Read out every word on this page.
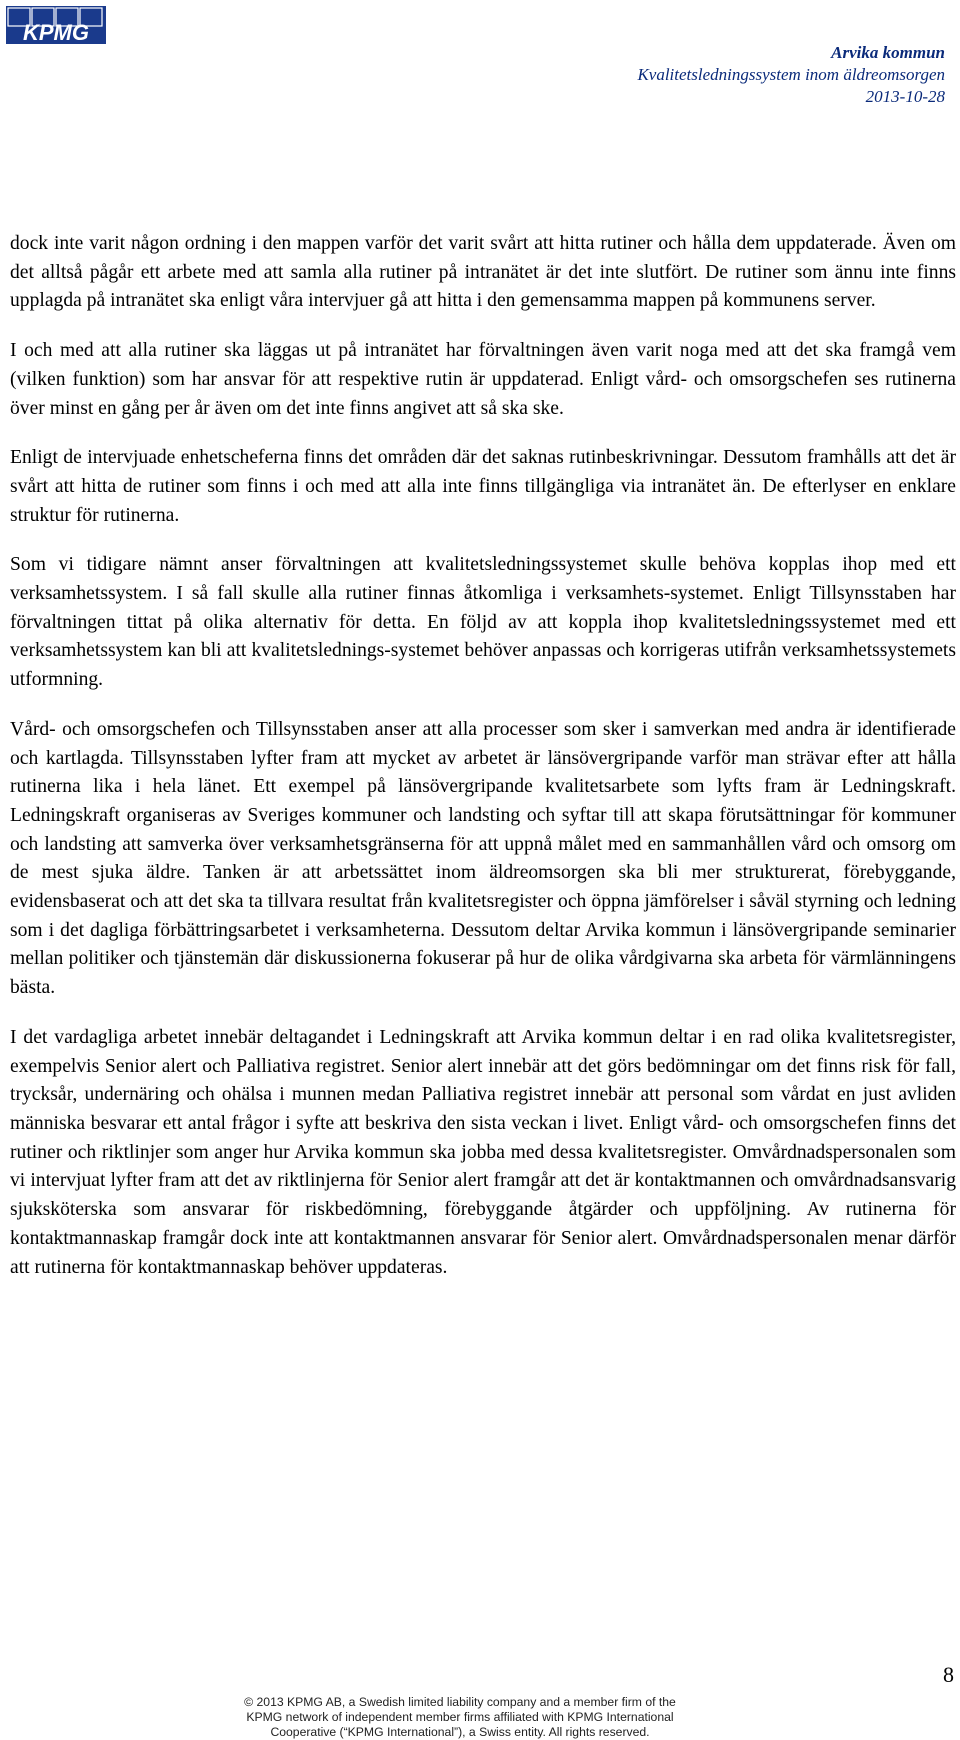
KPMG
Arvika kommun
Kvalitetsledningssystem inom äldreomsorgen
2013-10-28

dock inte varit någon ordning i den mappen varför det varit svårt att hitta rutiner och hålla dem uppdaterade. Även om det alltså pågår ett arbete med att samla alla rutiner på intranätet är det inte slutfört. De rutiner som ännu inte finns upplagda på intranätet ska enligt våra intervjuer gå att hitta i den gemensamma mappen på kommunens server.

I och med att alla rutiner ska läggas ut på intranätet har förvaltningen även varit noga med att det ska framgå vem (vilken funktion) som har ansvar för att respektive rutin är uppdaterad. Enligt vård- och omsorgschefen ses rutinerna över minst en gång per år även om det inte finns angivet att så ska ske.

Enligt de intervjuade enhetscheferna finns det områden där det saknas rutinbeskrivningar. Dessutom framhålls att det är svårt att hitta de rutiner som finns i och med att alla inte finns tillgängliga via intranätet än. De efterlyser en enklare struktur för rutinerna.

Som vi tidigare nämnt anser förvaltningen att kvalitetsledningssystemet skulle behöva kopplas ihop med ett verksamhetssystem. I så fall skulle alla rutiner finnas åtkomliga i verksamhets-systemet. Enligt Tillsynsstaben har förvaltningen tittat på olika alternativ för detta. En följd av att koppla ihop kvalitetsledningssystemet med ett verksamhetssystem kan bli att kvalitetslednings-systemet behöver anpassas och korrigeras utifrån verksamhetssystemets utformning.

Vård- och omsorgschefen och Tillsynsstaben anser att alla processer som sker i samverkan med andra är identifierade och kartlagda. Tillsynsstaben lyfter fram att mycket av arbetet är länsövergripande varför man strävar efter att hålla rutinerna lika i hela länet. Ett exempel på länsövergripande kvalitetsarbete som lyfts fram är Ledningskraft. Ledningskraft organiseras av Sveriges kommuner och landsting och syftar till att skapa förutsättningar för kommuner och landsting att samverka över verksamhetsgränserna för att uppnå målet med en sammanhållen vård och omsorg om de mest sjuka äldre. Tanken är att arbetssättet inom äldreomsorgen ska bli mer strukturerat, förebyggande, evidensbaserat och att det ska ta tillvara resultat från kvalitetsregister och öppna jämförelser i såväl styrning och ledning som i det dagliga förbättringsarbetet i verksamheterna. Dessutom deltar Arvika kommun i länsövergripande seminarier mellan politiker och tjänstemän där diskussionerna fokuserar på hur de olika vårdgivarna ska arbeta för värmlänningens bästa.

I det vardagliga arbetet innebär deltagandet i Ledningskraft att Arvika kommun deltar i en rad olika kvalitetsregister, exempelvis Senior alert och Palliativa registret. Senior alert innebär att det görs bedömningar om det finns risk för fall, trycksår, undernäring och ohälsa i munnen medan Palliativa registret innebär att personal som vårdat en just avliden människa besvarar ett antal frågor i syfte att beskriva den sista veckan i livet. Enligt vård- och omsorgschefen finns det rutiner och riktlinjer som anger hur Arvika kommun ska jobba med dessa kvalitetsregister. Omvårdnadspersonalen som vi intervjuat lyfter fram att det av riktlinjerna för Senior alert framgår att det är kontaktmannen och omvårdnadsansvarig sjuksköterska som ansvarar för riskbedömning, förebyggande åtgärder och uppföljning. Av rutinerna för kontaktmannaskap framgår dock inte att kontaktmannen ansvarar för Senior alert. Omvårdnadspersonalen menar därför att rutinerna för kontaktmannaskap behöver uppdateras.

8
© 2013 KPMG AB, a Swedish limited liability company and a member firm of the
KPMG network of independent member firms affiliated with KPMG International
Cooperative (“KPMG International”), a Swiss entity. All rights reserved.
